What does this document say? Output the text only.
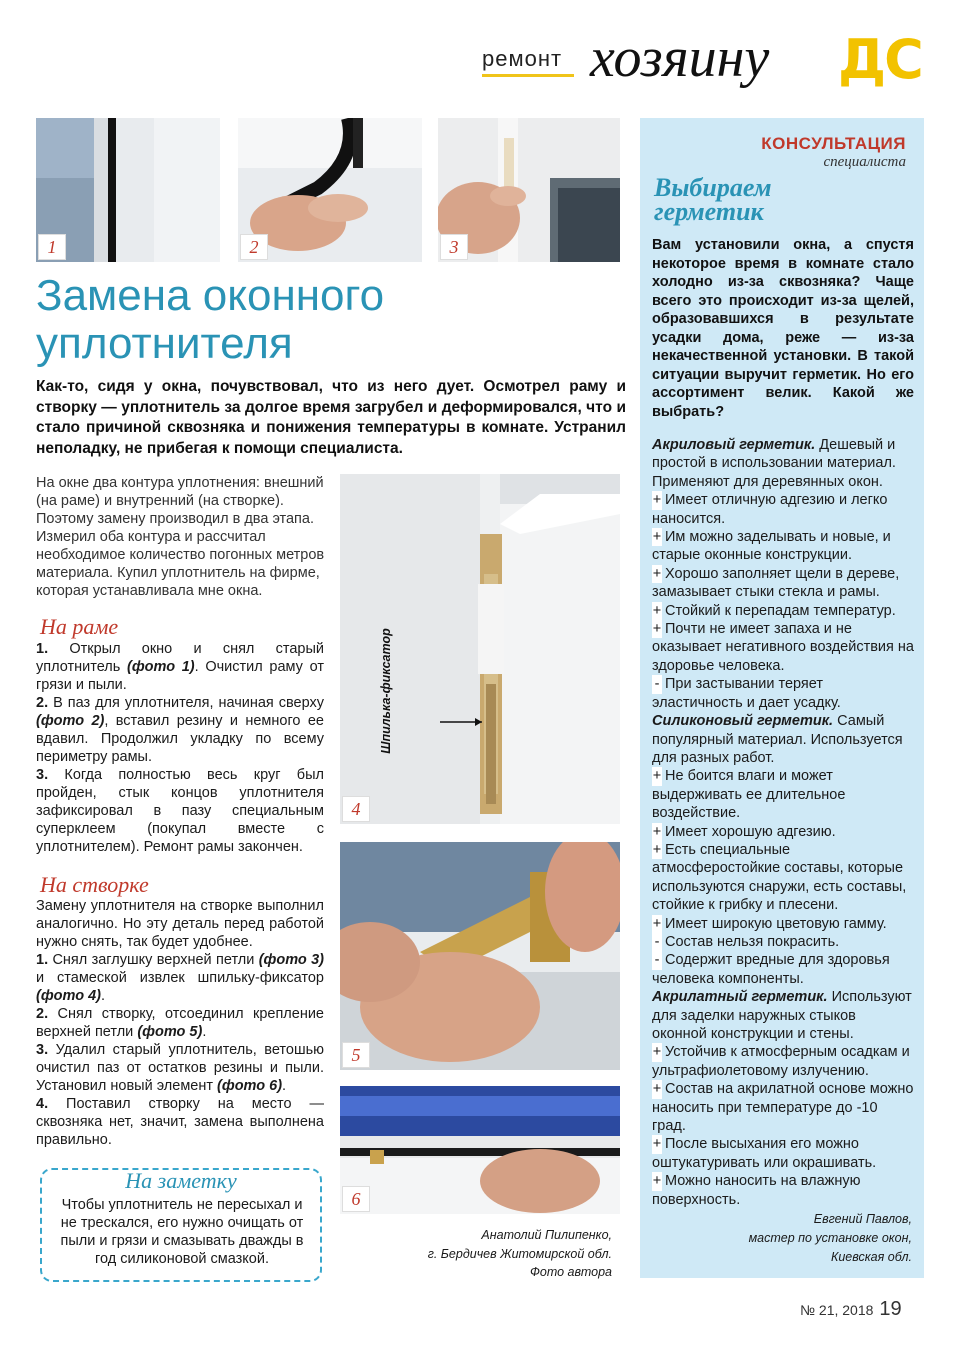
ремонт хозяину ДС
1	2	3
Замена оконного уплотнителя
Как-то, сидя у окна, почувствовал, что из него дует. Осмотрел раму и створку — уплотнитель за долгое время загрубел и деформировался, что и стало причиной сквозняка и понижения температуры в комнате. Устранил неполадку, не прибегая к помощи специалиста.
На окне два контура уплотнения: внешний (на раме) и внутренний (на створке). Поэтому замену производил в два этапа. Измерил оба контура и рассчитал необходимое количество погонных метров материала. Купил уплотнитель на фирме, которая устанавливала мне окна.
На раме

1. Открыл окно и снял старый уплотнитель (фото 1). Очистил раму от грязи и пыли.

2. В паз для уплотнителя, начиная сверху (фото 2), вставил резину и немного ее вдавил. Продолжил укладку по всему периметру рамы.

3. Когда полностью весь круг был пройден, стык концов уплотнителя зафиксировал в пазу специальным суперклеем (покупал вместе с уплотнителем). Ремонт рамы закончен.

На створке

Замену уплотнителя на створке выполнил аналогично. Но эту деталь перед работой нужно снять, так будет удобнее.

1. Снял заглушку верхней петли (фото 3) и стамеской извлек шпильку-фиксатор (фото 4).

2. Снял створку, отсоединил крепление верхней петли (фото 5).

3. Удалил старый уплотнитель, ветошью очистил паз от остатков резины и пыли. Установил новый элемент (фото 6).

4. Поставил створку на место — сквозняка нет, значит, замена выполнена правильно.

На заметку
Чтобы уплотнитель не пересыхал и не трескался, его нужно очищать от пыли и грязи и смазывать дважды в год силиконовой смазкой.
Шпилька-фиксатор
4
5
6
Анатолий Пилипенко,
г. Бердичев Житомирской обл.
Фото автора
КОНСУЛЬТАЦИЯ
специалиста
Выбираем герметик
Вам установили окна, а спустя некоторое время в комнате стало холодно из-за сквозняка? Чаще всего это происходит из-за щелей, образовавшихся в результате усадки дома, реже — из-за некачественной установки. В такой ситуации выручит герметик. Но его ассортимент велик. Какой же выбрать?

Акриловый герметик. Дешевый и простой в использовании материал. Применяют для деревянных окон.

+ Имеет отличную адгезию и легко наносится.

+ Им можно заделывать и новые, и старые оконные конструкции.

+ Хорошо заполняет щели в дереве, замазывает стыки стекла и рамы.

+ Стойкий к перепадам температур.

+ Почти не имеет запаха и не оказывает негативного воздействия на здоровье человека.

- При застывании теряет эластичность и дает усадку.

Силиконовый герметик. Самый популярный материал. Используется для разных работ.

+ Не боится влаги и может выдерживать ее длительное воздействие.

+ Имеет хорошую адгезию.

+ Есть специальные атмосферостойкие составы, которые используются снаружи, есть составы, стойкие к грибку и плесени.

+ Имеет широкую цветовую гамму.

- Состав нельзя покрасить.

- Содержит вредные для здоровья человека компоненты.

Акрилатный герметик. Используют для заделки наружных стыков оконной конструкции и стены.

+ Устойчив к атмосферным осадкам и ультрафиолетовому излучению.

+ Состав на акрилатной основе можно наносить при температуре до -10 град.

+ После высыхания его можно оштукатуривать или окрашивать.

+ Можно наносить на влажную поверхность.

Евгений Павлов,
мастер по установке окон,
Киевская обл.
№ 21, 2018 19
